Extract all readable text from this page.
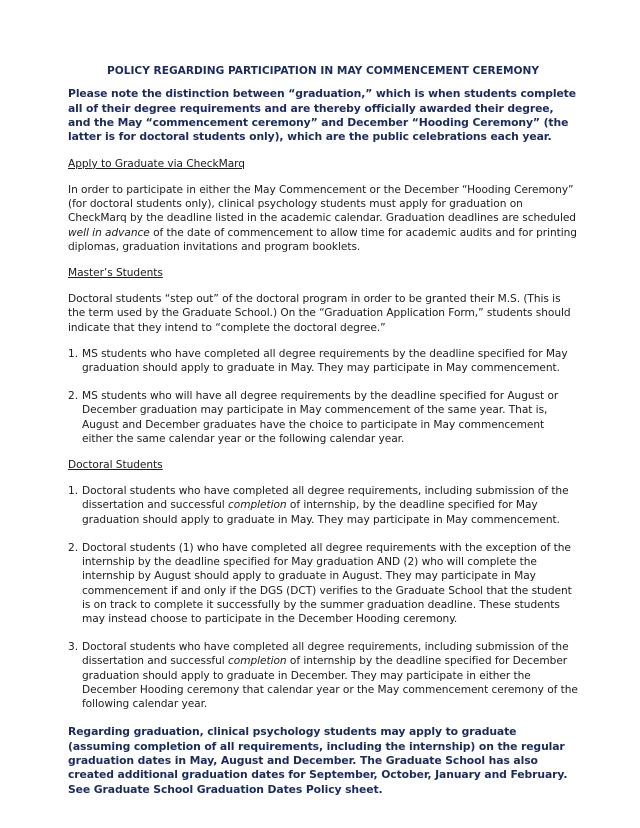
POLICY REGARDING PARTICIPATION IN MAY COMMENCEMENT CEREMONY

Please note the distinction between “graduation,” which is when students complete all of their degree requirements and are thereby officially awarded their degree, and the May “commencement ceremony” and December “Hooding Ceremony” (the latter is for doctoral students only), which are the public celebrations each year.

Apply to Graduate via CheckMarq

In order to participate in either the May Commencement or the December “Hooding Ceremony” (for doctoral students only), clinical psychology students must apply for graduation on CheckMarq by the deadline listed in the academic calendar. Graduation deadlines are scheduled well in advance of the date of commencement to allow time for academic audits and for printing diplomas, graduation invitations and program booklets.

Master’s Students

Doctoral students “step out” of the doctoral program in order to be granted their M.S. (This is the term used by the Graduate School.) On the “Graduation Application Form,” students should indicate that they intend to “complete the doctoral degree.”

1. MS students who have completed all degree requirements by the deadline specified for May graduation should apply to graduate in May. They may participate in May commencement.
2. MS students who will have all degree requirements by the deadline specified for August or December graduation may participate in May commencement of the same year. That is, August and December graduates have the choice to participate in May commencement either the same calendar year or the following calendar year.

Doctoral Students

1. Doctoral students who have completed all degree requirements, including submission of the dissertation and successful completion of internship, by the deadline specified for May graduation should apply to graduate in May. They may participate in May commencement.
2. Doctoral students (1) who have completed all degree requirements with the exception of the internship by the deadline specified for May graduation AND (2) who will complete the internship by August should apply to graduate in August. They may participate in May commencement if and only if the DGS (DCT) verifies to the Graduate School that the student is on track to complete it successfully by the summer graduation deadline. These students may instead choose to participate in the December Hooding ceremony.
3. Doctoral students who have completed all degree requirements, including submission of the dissertation and successful completion of internship by the deadline specified for December graduation should apply to graduate in December. They may participate in either the December Hooding ceremony that calendar year or the May commencement ceremony of the following calendar year.

Regarding graduation, clinical psychology students may apply to graduate (assuming completion of all requirements, including the internship) on the regular graduation dates in May, August and December. The Graduate School has also created additional graduation dates for September, October, January and February. See Graduate School Graduation Dates Policy sheet.
